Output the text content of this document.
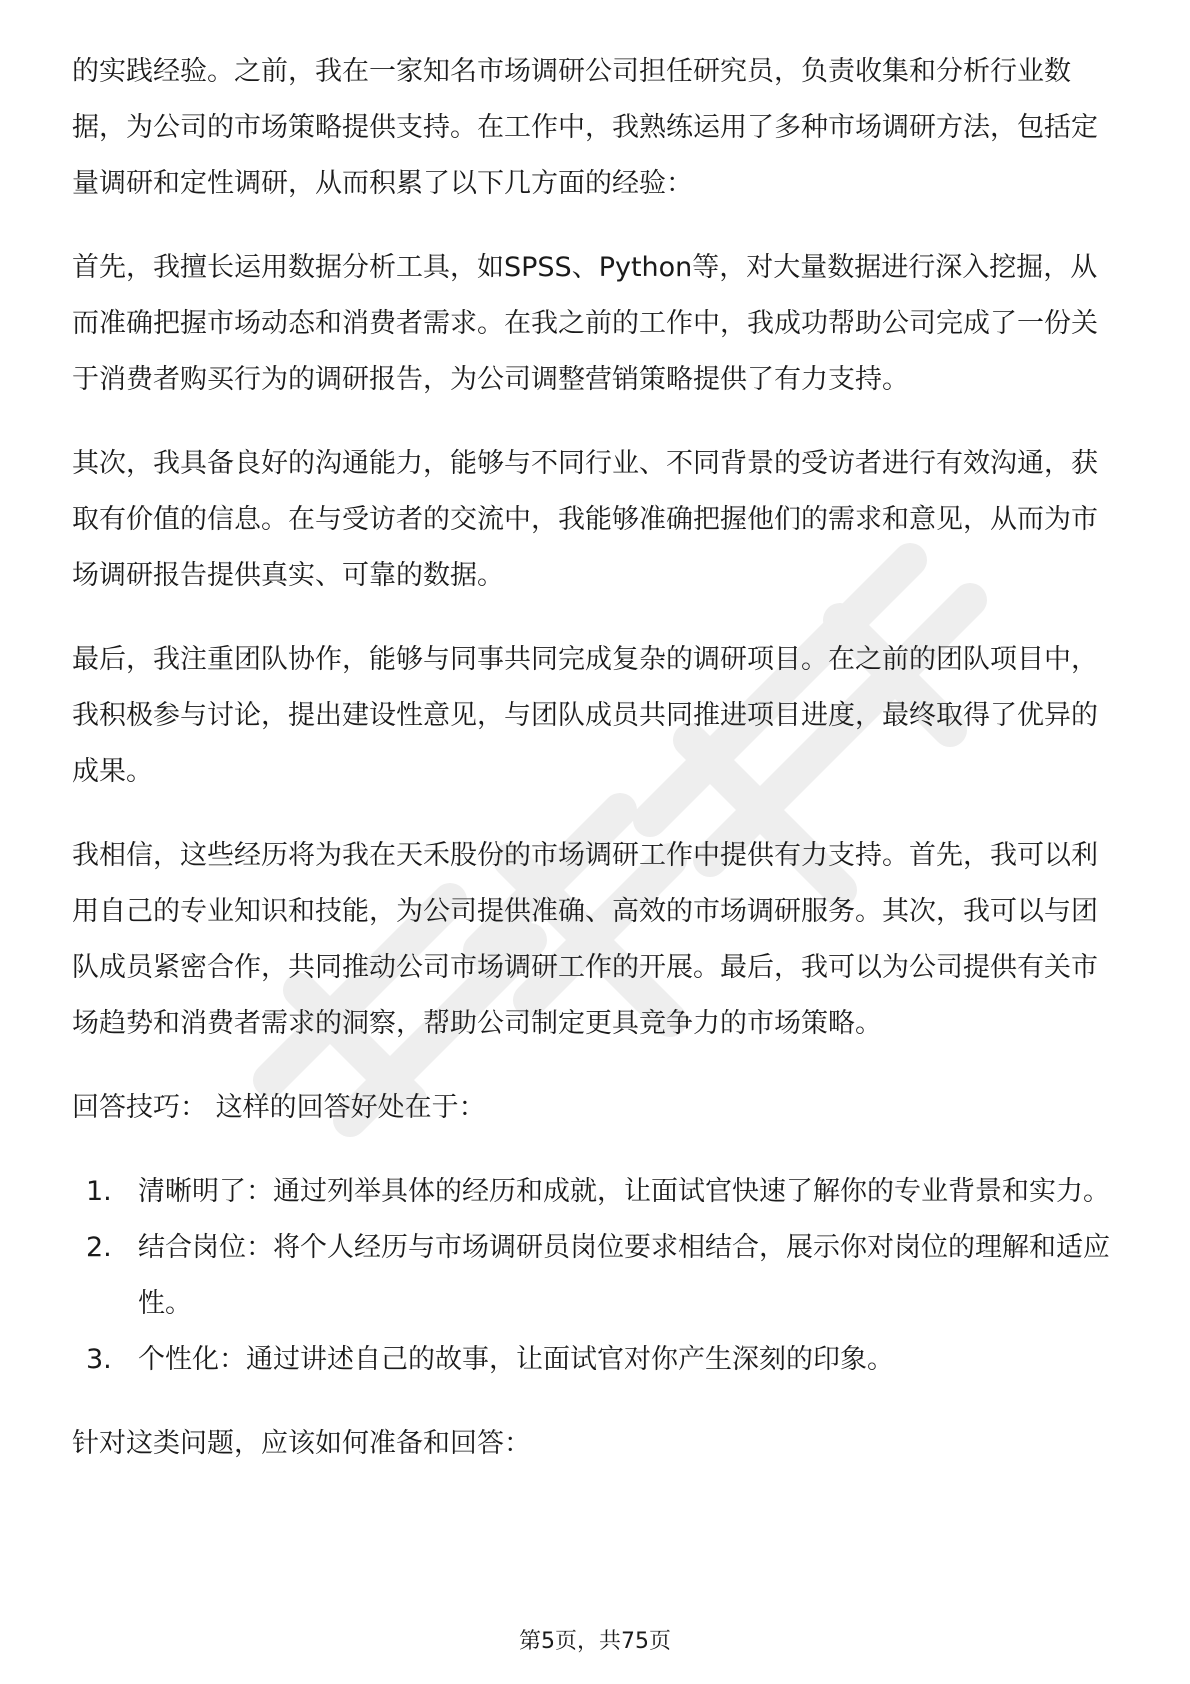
的实践经验。之前，我在一家知名市场调研公司担任研究员，负责收集和分析行业数据，为公司的市场策略提供支持。在工作中，我熟练运用了多种市场调研方法，包括定量调研和定性调研，从而积累了以下几方面的经验：

首先，我擅长运用数据分析工具，如SPSS、Python等，对大量数据进行深入挖掘，从而准确把握市场动态和消费者需求。在我之前的工作中，我成功帮助公司完成了一份关于消费者购买行为的调研报告，为公司调整营销策略提供了有力支持。

其次，我具备良好的沟通能力，能够与不同行业、不同背景的受访者进行有效沟通，获取有价值的信息。在与受访者的交流中，我能够准确把握他们的需求和意见，从而为市场调研报告提供真实、可靠的数据。

最后，我注重团队协作，能够与同事共同完成复杂的调研项目。在之前的团队项目中，我积极参与讨论，提出建设性意见，与团队成员共同推进项目进度，最终取得了优异的成果。

我相信，这些经历将为我在天禾股份的市场调研工作中提供有力支持。首先，我可以利用自己的专业知识和技能，为公司提供准确、高效的市场调研服务。其次，我可以与团队成员紧密合作，共同推动公司市场调研工作的开展。最后，我可以为公司提供有关市场趋势和消费者需求的洞察，帮助公司制定更具竞争力的市场策略。

回答技巧： 这样的回答好处在于：

1. 清晰明了：通过列举具体的经历和成就，让面试官快速了解你的专业背景和实力。
2. 结合岗位：将个人经历与市场调研员岗位要求相结合，展示你对岗位的理解和适应性。
3. 个性化：通过讲述自己的故事，让面试官对你产生深刻的印象。

针对这类问题，应该如何准备和回答：

第5页，共75页
